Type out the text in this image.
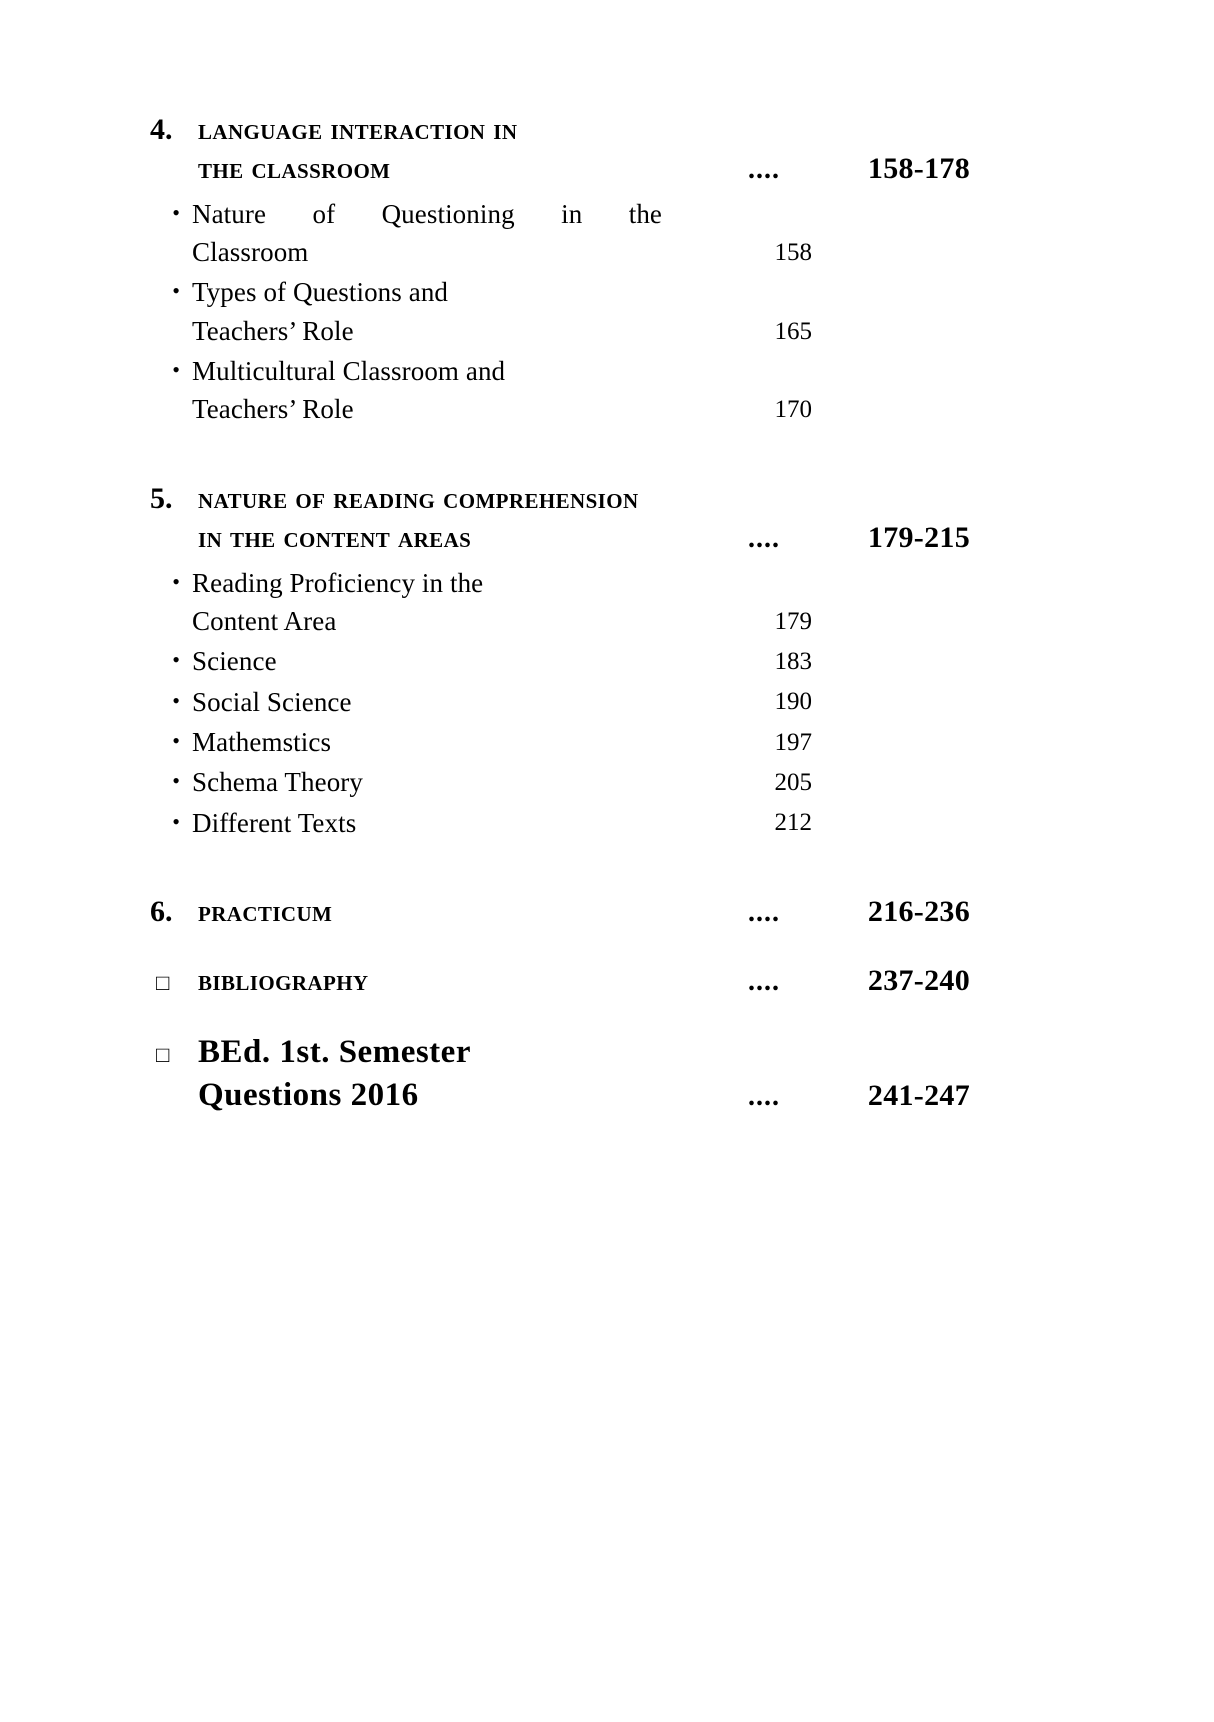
4. language interaction in
the classroom	....	158-178
• Nature of Questioning in the
Classroom	158
• Types of Questions and
Teachers’ Role	165
• Multicultural Classroom and
Teachers’ Role	170
5. nature of reading comprehension
in the content areas	....	179-215
• Reading Proficiency in the
Content Area	179
• Science	183
• Social Science	190
• Mathemstics	197
• Schema Theory	205
• Different Texts	212
6. practicum	....	216-236
□ bibliography	....	237-240
□ BEd. 1st. Semester
Questions 2016	....	241-247
